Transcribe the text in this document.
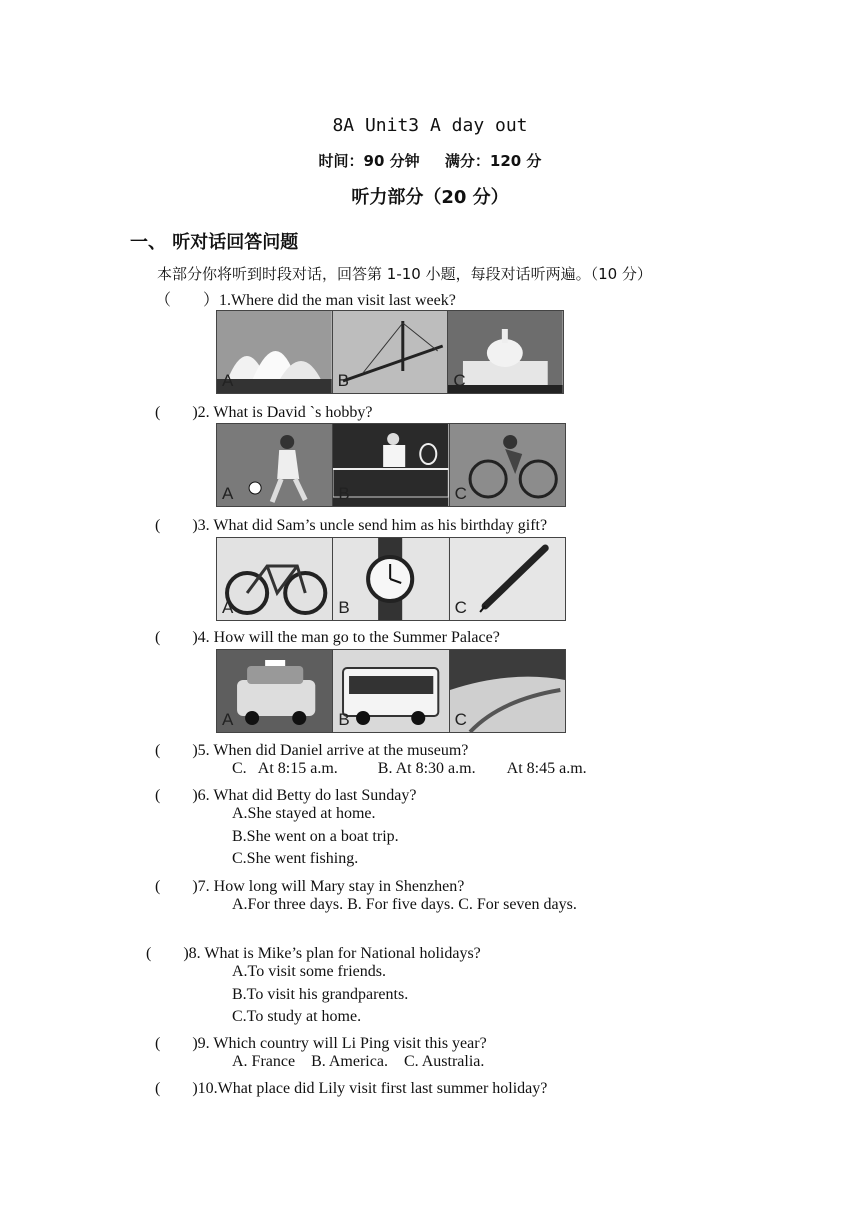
8A Unit3 A day out
时间：90 分钟 满分：120 分
听力部分（20 分）
一、 听对话回答问题
本部分你将听到时段对话，回答第 1-10 小题，每段对话听两遍。（10 分）
（　　）1.Where did the man visit last week?
A	B	C
(　　)2. What is David `s hobby?
A	B	C
(　　)3. What did Sam’s uncle send him as his birthday gift?
A	B	C
(　　)4. How will the man go to the Summer Palace?
A	B	C
(　　)5. When did Daniel arrive at the museum?
C.   At 8:15 a.m.          B. At 8:30 a.m.        At 8:45 a.m.
(　　)6. What did Betty do last Sunday?
A.She stayed at home.
B.She went on a boat trip.
C.She went fishing.
(　　)7. How long will Mary stay in Shenzhen?
A.For three days. B. For five days. C. For seven days.
(　　)8. What is Mike’s plan for National holidays?
A.To visit some friends.
B.To visit his grandparents.
C.To study at home.
(　　)9. Which country will Li Ping visit this year?
A. France    B. America.    C. Australia.
(　　)10.What place did Lily visit first last summer holiday?
